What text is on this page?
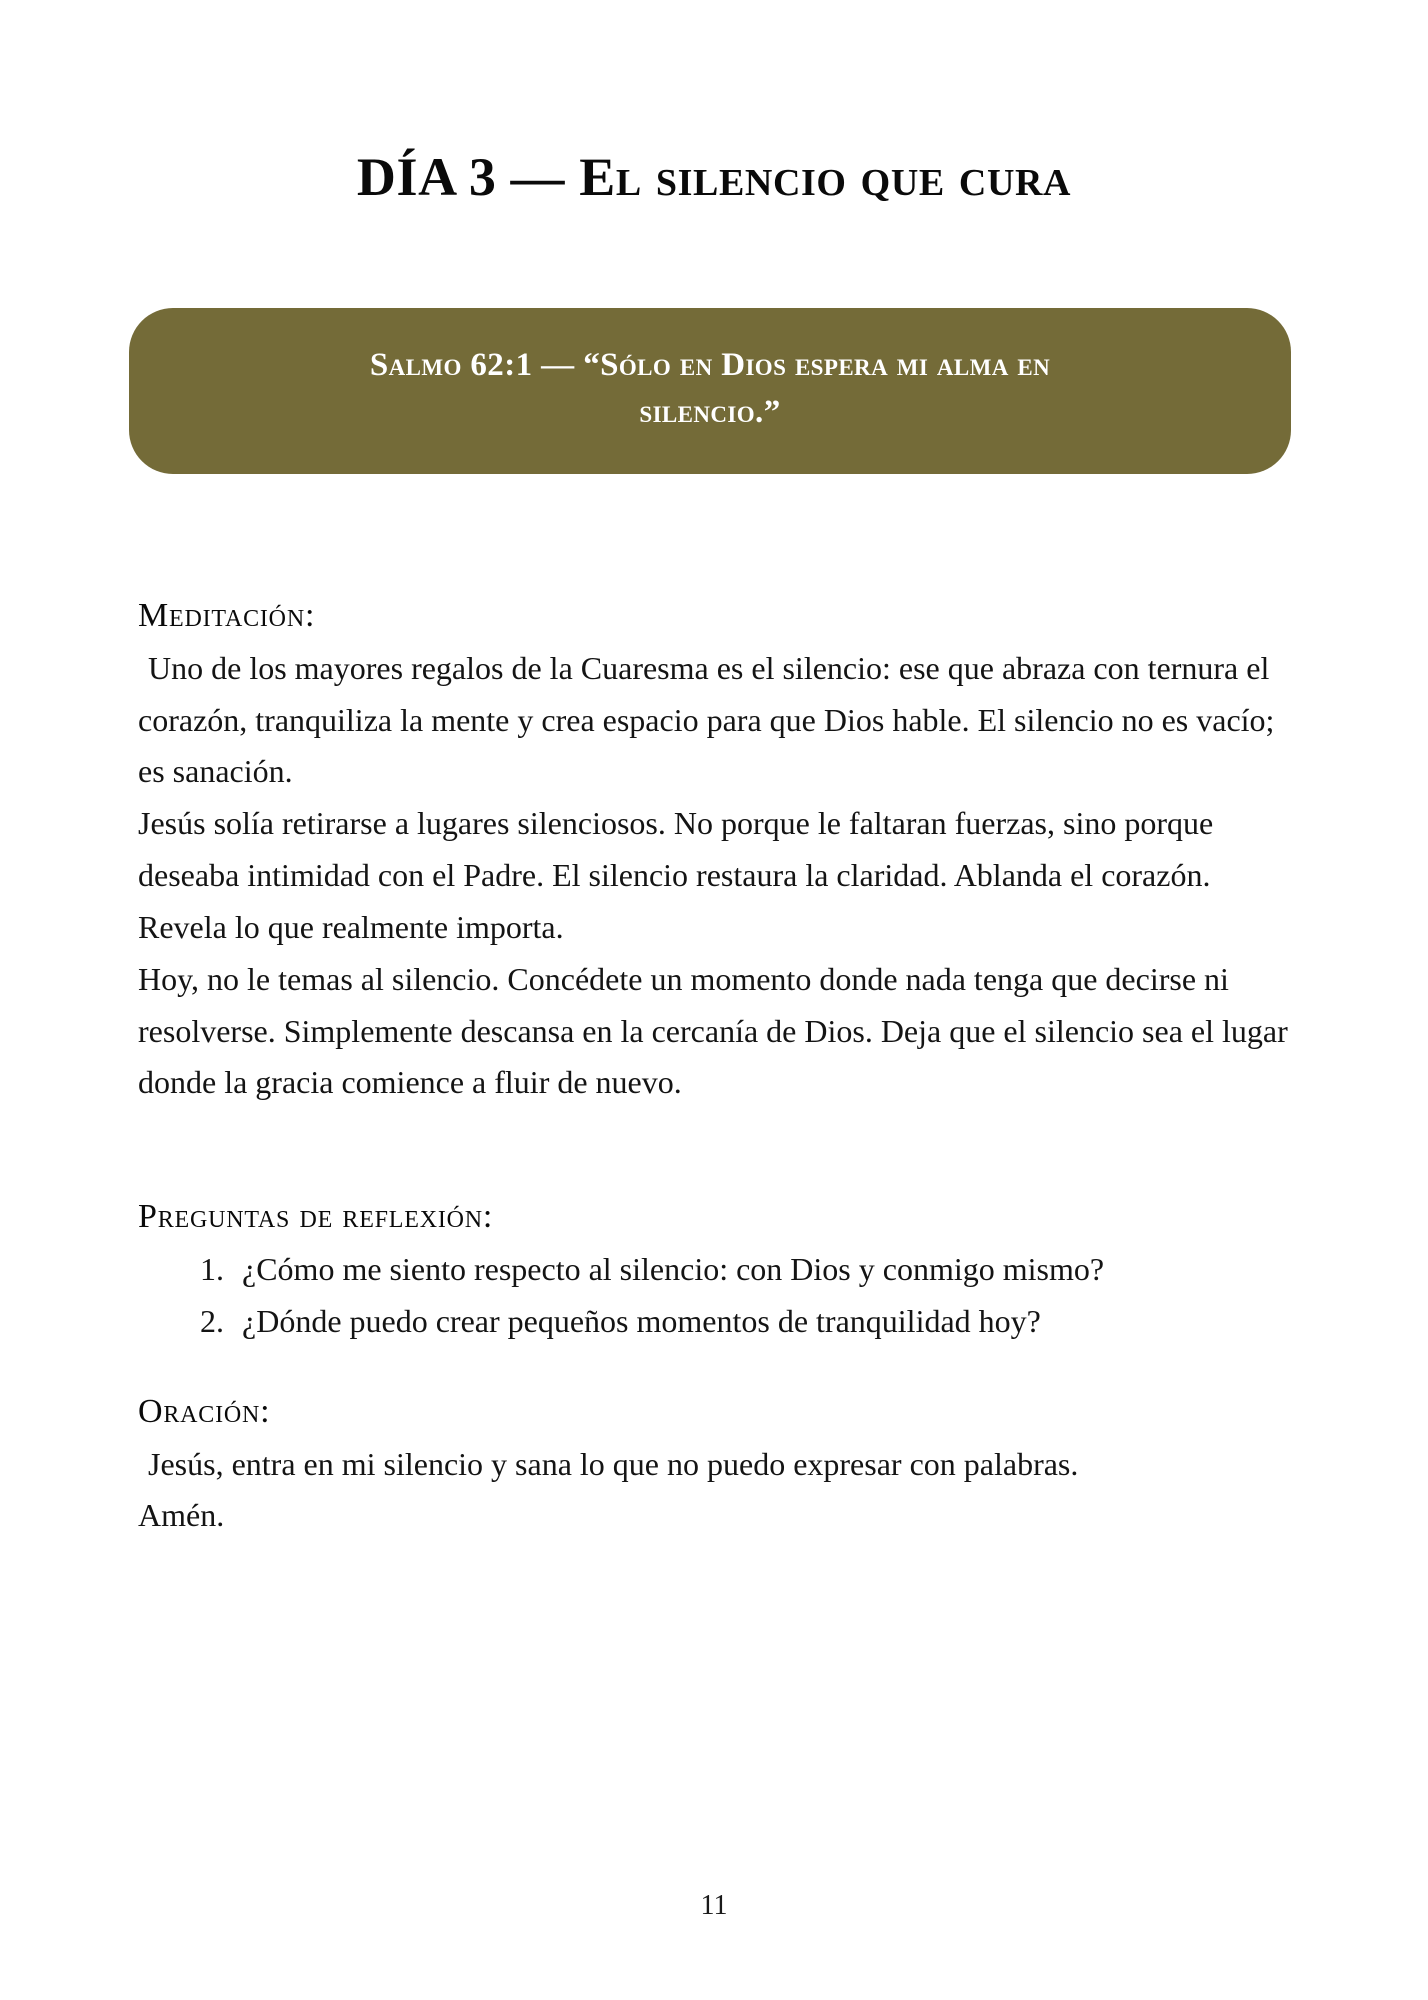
DÍA 3 — El silencio que cura

Salmo 62:1 — “Sólo en Dios espera mi alma en
silencio.”

Meditación:

Uno de los mayores regalos de la Cuaresma es el silencio: ese que abraza con ternura el corazón, tranquiliza la mente y crea espacio para que Dios hable. El silencio no es vacío; es sanación.

Jesús solía retirarse a lugares silenciosos. No porque le faltaran fuerzas, sino porque deseaba intimidad con el Padre. El silencio restaura la claridad. Ablanda el corazón. Revela lo que realmente importa.

Hoy, no le temas al silencio. Concédete un momento donde nada tenga que decirse ni resolverse. Simplemente descansa en la cercanía de Dios. Deja que el silencio sea el lugar donde la gracia comience a fluir de nuevo.

Preguntas de reflexión:
1. ¿Cómo me siento respecto al silencio: con Dios y conmigo mismo?
2. ¿Dónde puedo crear pequeños momentos de tranquilidad hoy?
Oración:

Jesús, entra en mi silencio y sana lo que no puedo expresar con palabras.

Amén.

11
